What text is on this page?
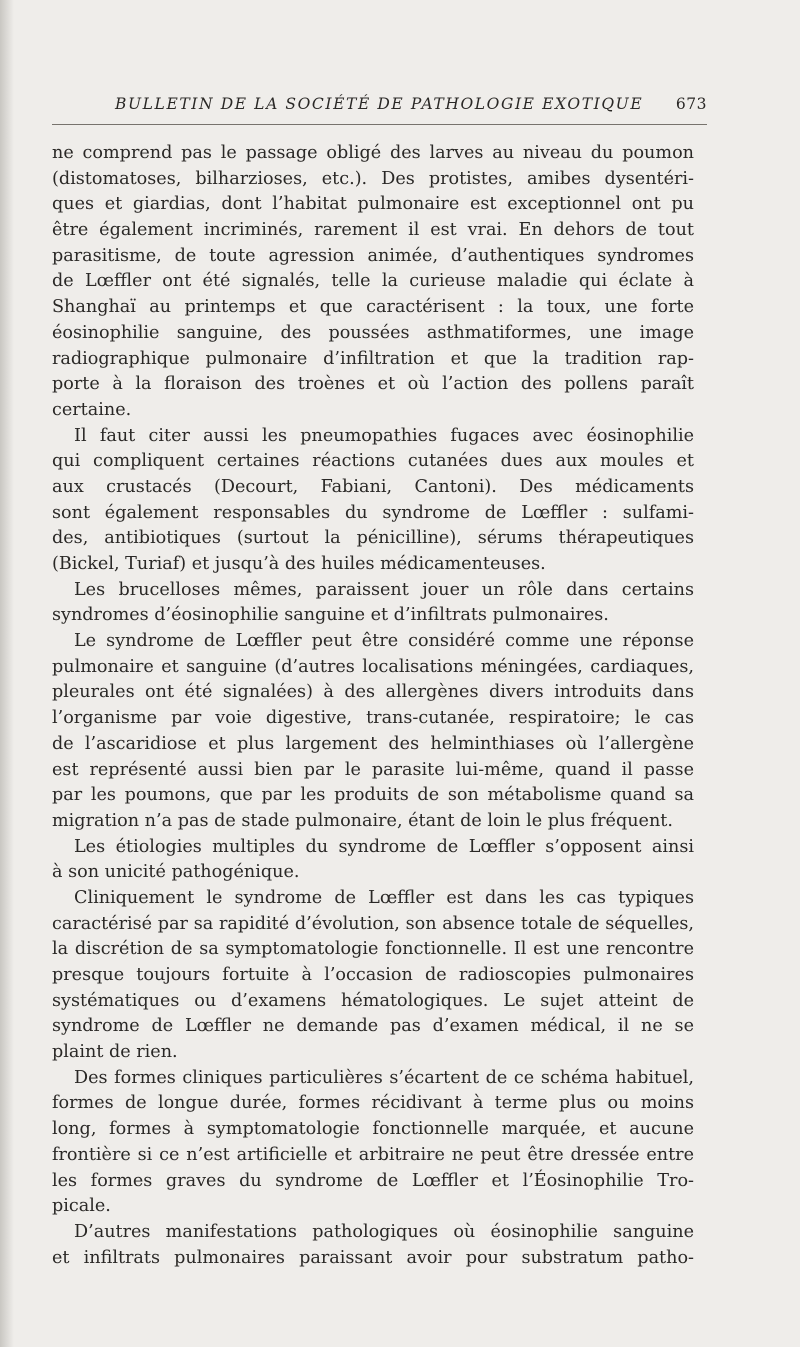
BULLETIN DE LA SOCIÉTÉ DE PATHOLOGIE EXOTIQUE 673
ne comprend pas le passage obligé des larves au niveau du poumon
(distomatoses, bilharzioses, etc.). Des protistes, amibes dysentéri-
ques et giardias, dont l’habitat pulmonaire est exceptionnel ont pu
être également incriminés, rarement il est vrai. En dehors de tout
parasitisme, de toute agression animée, d’authentiques syndromes
de Lœffler ont été signalés, telle la curieuse maladie qui éclate à
Shanghaï au printemps et que caractérisent : la toux, une forte
éosinophilie sanguine, des poussées asthmatiformes, une image
radiographique pulmonaire d’infiltration et que la tradition rap-
porte à la floraison des troènes et où l’action des pollens paraît
certaine.
Il faut citer aussi les pneumopathies fugaces avec éosinophilie
qui compliquent certaines réactions cutanées dues aux moules et
aux crustacés (Decourt, Fabiani, Cantoni). Des médicaments
sont également responsables du syndrome de Lœffler : sulfami-
des, antibiotiques (surtout la pénicilline), sérums thérapeutiques
(Bickel, Turiaf) et jusqu’à des huiles médicamenteuses.
Les brucelloses mêmes, paraissent jouer un rôle dans certains
syndromes d’éosinophilie sanguine et d’infiltrats pulmonaires.
Le syndrome de Lœffler peut être considéré comme une réponse
pulmonaire et sanguine (d’autres localisations méningées, cardiaques,
pleurales ont été signalées) à des allergènes divers introduits dans
l’organisme par voie digestive, trans-cutanée, respiratoire; le cas
de l’ascaridiose et plus largement des helminthiases où l’allergène
est représenté aussi bien par le parasite lui-même, quand il passe
par les poumons, que par les produits de son métabolisme quand sa
migration n’a pas de stade pulmonaire, étant de loin le plus fréquent.
Les étiologies multiples du syndrome de Lœffler s’opposent ainsi
à son unicité pathogénique.
Cliniquement le syndrome de Lœffler est dans les cas typiques
caractérisé par sa rapidité d’évolution, son absence totale de séquelles,
la discrétion de sa symptomatologie fonctionnelle. Il est une rencontre
presque toujours fortuite à l’occasion de radioscopies pulmonaires
systématiques ou d’examens hématologiques. Le sujet atteint de
syndrome de Lœffler ne demande pas d’examen médical, il ne se
plaint de rien.
Des formes cliniques particulières s’écartent de ce schéma habituel,
formes de longue durée, formes récidivant à terme plus ou moins
long, formes à symptomatologie fonctionnelle marquée, et aucune
frontière si ce n’est artificielle et arbitraire ne peut être dressée entre
les formes graves du syndrome de Lœffler et l’Éosinophilie Tro-
picale.
D’autres manifestations pathologiques où éosinophilie sanguine
et infiltrats pulmonaires paraissant avoir pour substratum patho-
